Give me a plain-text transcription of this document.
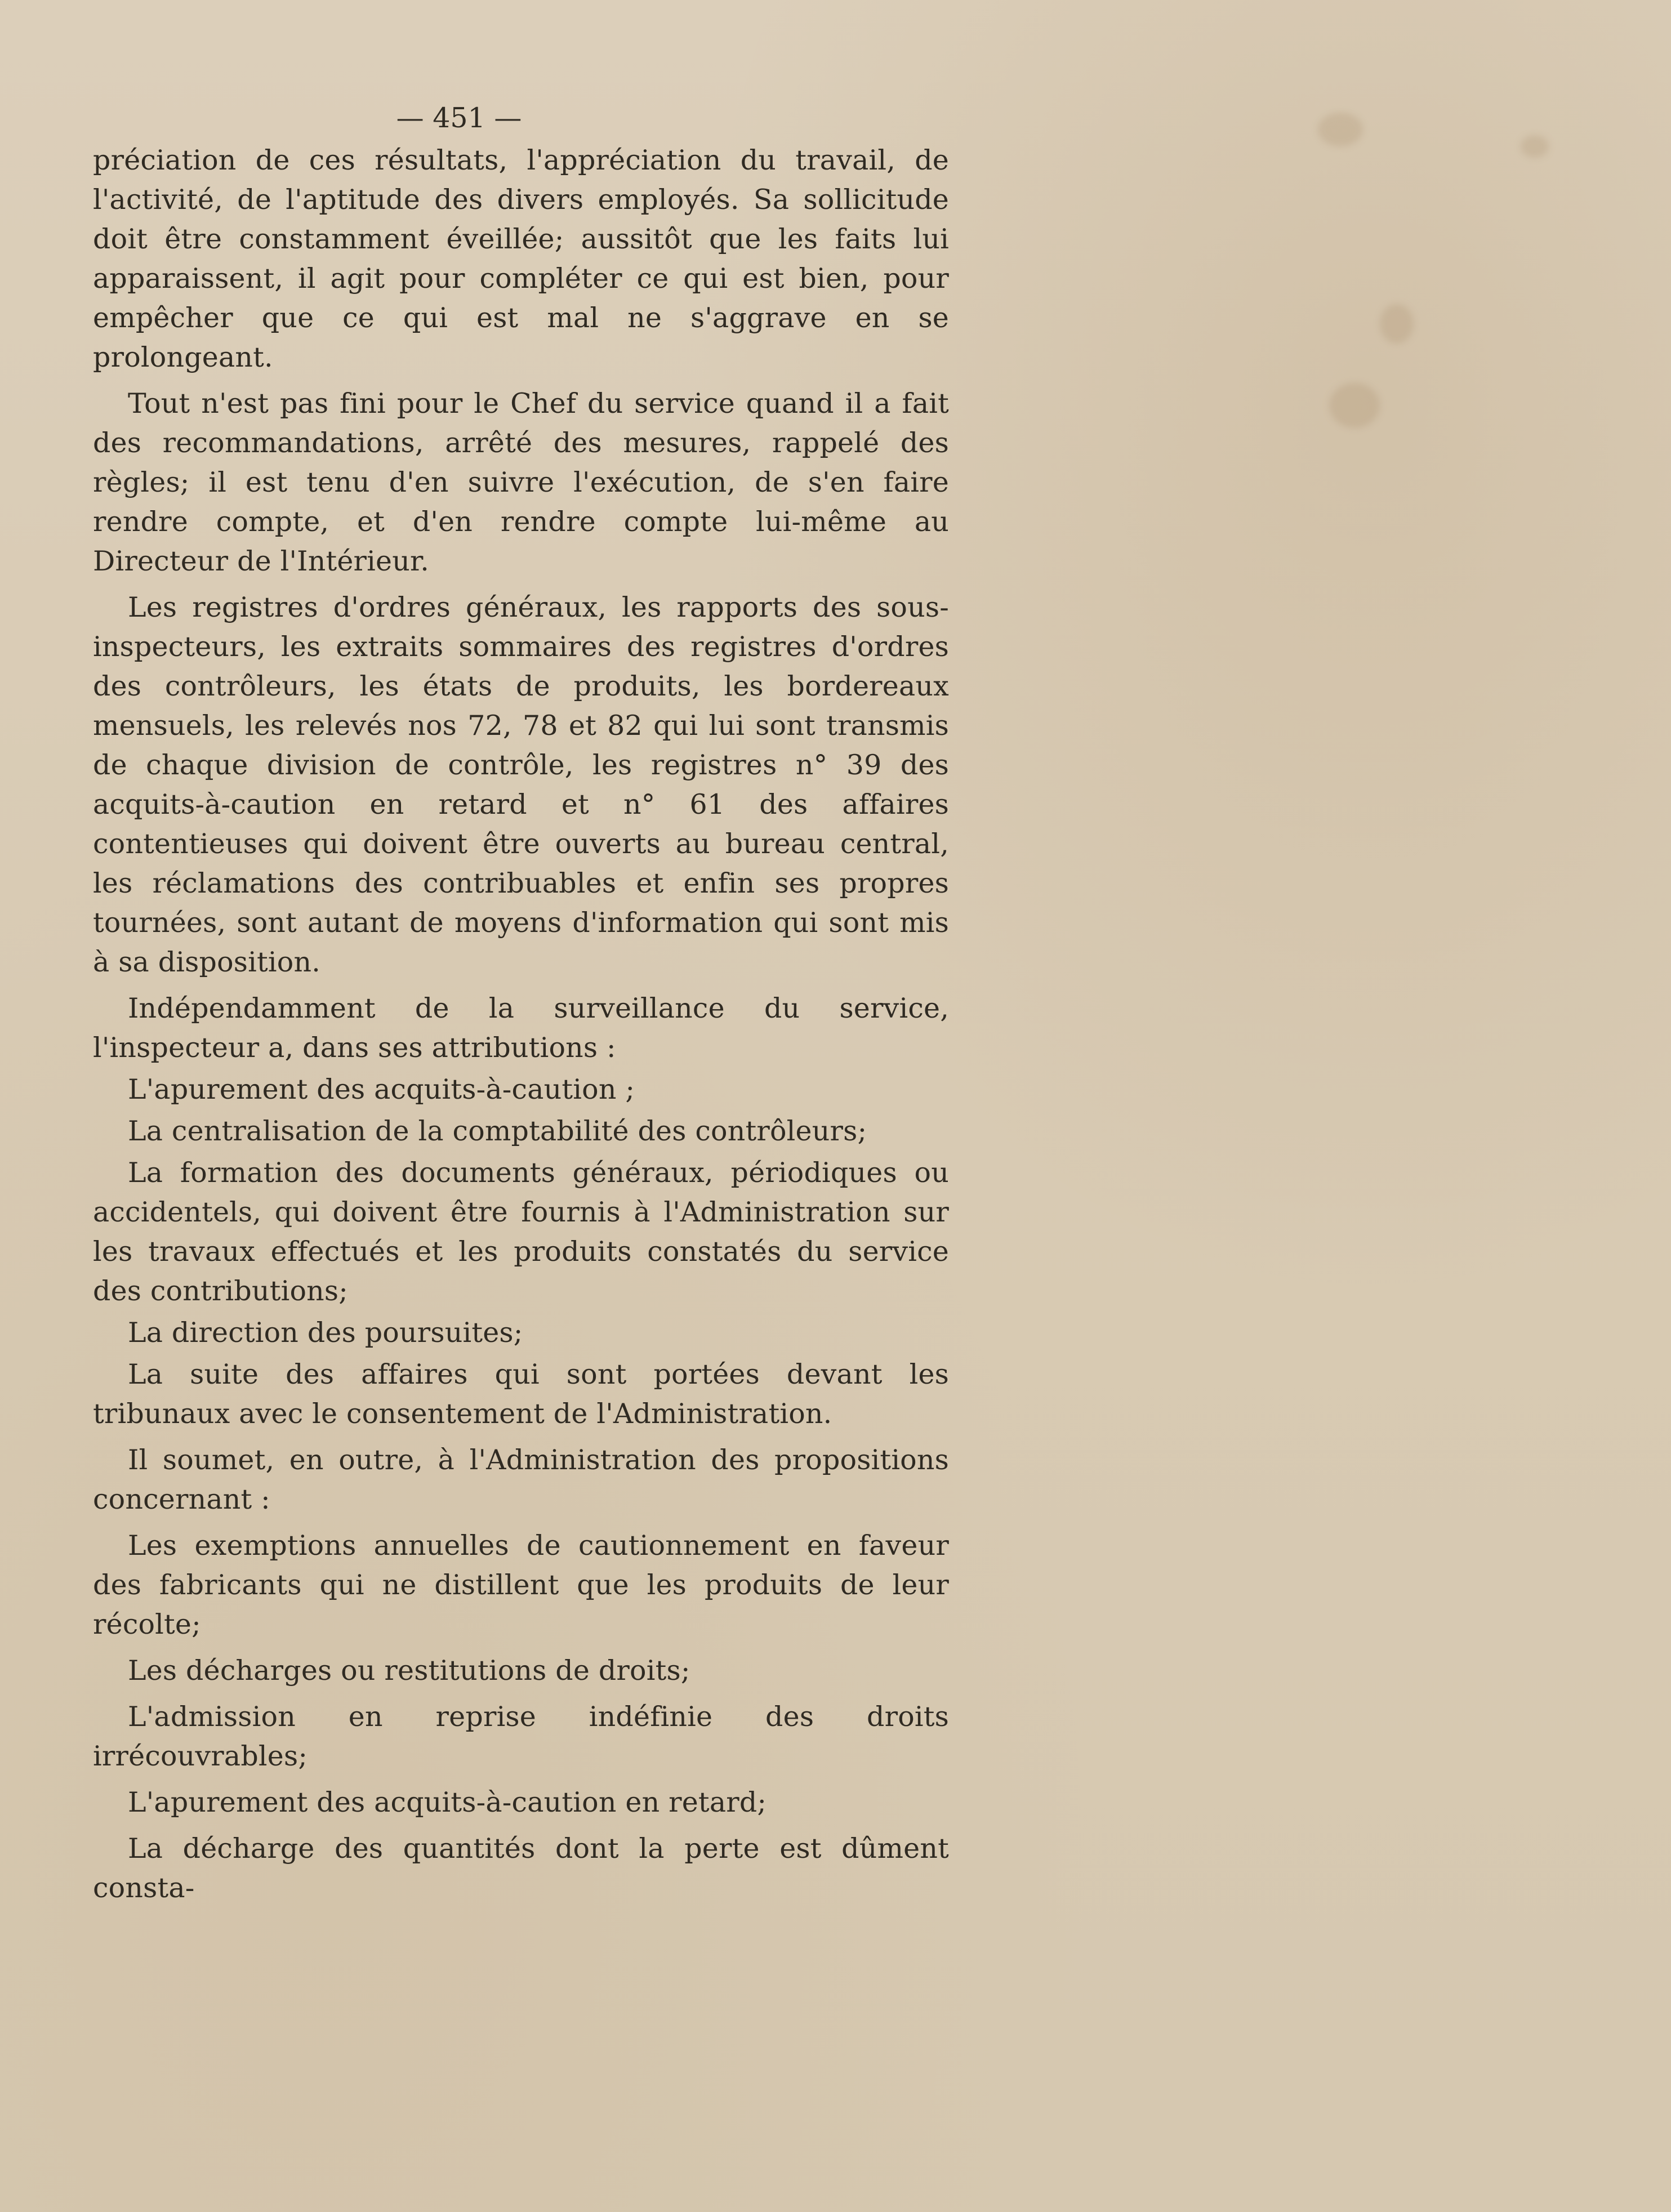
— 451 —

préciation de ces résultats, l'appréciation du travail, de l'activité, de l'aptitude des divers employés. Sa sollicitude doit être constamment éveillée; aussitôt que les faits lui apparaissent, il agit pour compléter ce qui est bien, pour empêcher que ce qui est mal ne s'aggrave en se prolongeant.

Tout n'est pas fini pour le Chef du service quand il a fait des recommandations, arrêté des mesures, rappelé des règles; il est tenu d'en suivre l'exécution, de s'en faire rendre compte, et d'en rendre compte lui-même au Directeur de l'Intérieur.

Les registres d'ordres généraux, les rapports des sous-inspecteurs, les extraits sommaires des registres d'ordres des contrôleurs, les états de produits, les bordereaux mensuels, les relevés nos 72, 78 et 82 qui lui sont transmis de chaque division de contrôle, les registres n° 39 des acquits-à-caution en retard et n° 61 des affaires contentieuses qui doivent être ouverts au bureau central, les réclamations des contribuables et enfin ses propres tournées, sont autant de moyens d'information qui sont mis à sa disposition.

Indépendamment de la surveillance du service, l'inspecteur a, dans ses attributions :

L'apurement des acquits-à-caution ;

La centralisation de la comptabilité des contrôleurs;

La formation des documents généraux, périodiques ou accidentels, qui doivent être fournis à l'Administration sur les travaux effectués et les produits constatés du service des contributions;

La direction des poursuites;

La suite des affaires qui sont portées devant les tribunaux avec le consentement de l'Administration.

Il soumet, en outre, à l'Administration des propositions concernant :

Les exemptions annuelles de cautionnement en faveur des fabricants qui ne distillent que les produits de leur récolte;

Les décharges ou restitutions de droits;

L'admission en reprise indéfinie des droits irrécouvrables;

L'apurement des acquits-à-caution en retard;

La décharge des quantités dont la perte est dûment consta-
